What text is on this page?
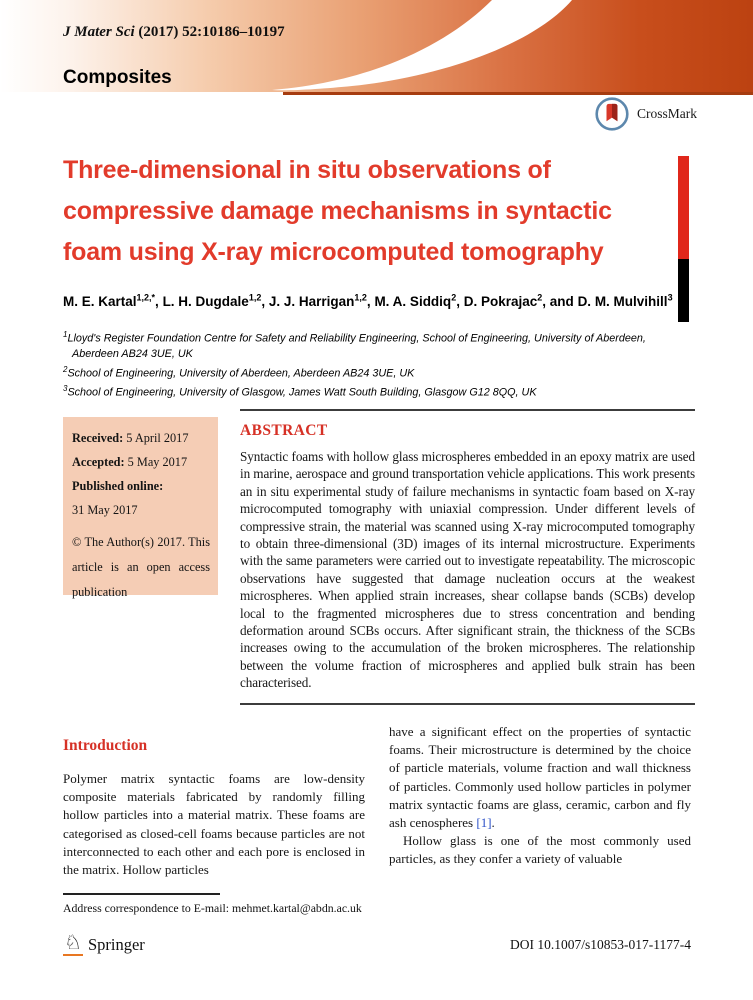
J Mater Sci (2017) 52:10186–10197
Composites
CrossMark
Three-dimensional in situ observations of compressive damage mechanisms in syntactic foam using X-ray microcomputed tomography
M. E. Kartal$^{1,2,*}$, L. H. Dugdale$^{1,2}$, J. J. Harrigan$^{1,2}$, M. A. Siddiq$^2$, D. Pokrajac$^2$, and D. M. Mulvihill$^3$
$^1$Lloyd's Register Foundation Centre for Safety and Reliability Engineering, School of Engineering, University of Aberdeen, Aberdeen AB24 3UE, UK
$^2$School of Engineering, University of Aberdeen, Aberdeen AB24 3UE, UK
$^3$School of Engineering, University of Glasgow, James Watt South Building, Glasgow G12 8QQ, UK
Received: 5 April 2017
Accepted: 5 May 2017
Published online:
31 May 2017
© The Author(s) 2017. This article is an open access publication
ABSTRACT

Syntactic foams with hollow glass microspheres embedded in an epoxy matrix are used in marine, aerospace and ground transportation vehicle applications. This work presents an in situ experimental study of failure mechanisms in syntactic foam based on X-ray microcomputed tomography with uniaxial compression. Under different levels of compressive strain, the material was scanned using X-ray microcomputed tomography to obtain three-dimensional (3D) images of its internal microstructure. Experiments with the same parameters were carried out to investigate repeatability. The microscopic observations have suggested that damage nucleation occurs at the weakest microspheres. When applied strain increases, shear collapse bands (SCBs) develop local to the fragmented microspheres due to stress concentration and bending deformation around SCBs occurs. After significant strain, the thickness of the SCBs increases owing to the accumulation of the broken microspheres. The relationship between the volume fraction of microspheres and applied bulk strain has been characterised.

Introduction

Polymer matrix syntactic foams are low-density composite materials fabricated by randomly filling hollow particles into a material matrix. These foams are categorised as closed-cell foams because particles are not interconnected to each other and each pore is enclosed in the matrix. Hollow particles

have a significant effect on the properties of syntactic foams. Their microstructure is determined by the choice of particle materials, volume fraction and wall thickness of particles. Commonly used hollow particles in polymer matrix syntactic foams are glass, ceramic, carbon and fly ash cenospheres [1].

Hollow glass is one of the most commonly used particles, as they confer a variety of valuable

Address correspondence to E-mail: mehmet.kartal@abdn.ac.uk
♘ Springer	DOI 10.1007/s10853-017-1177-4
